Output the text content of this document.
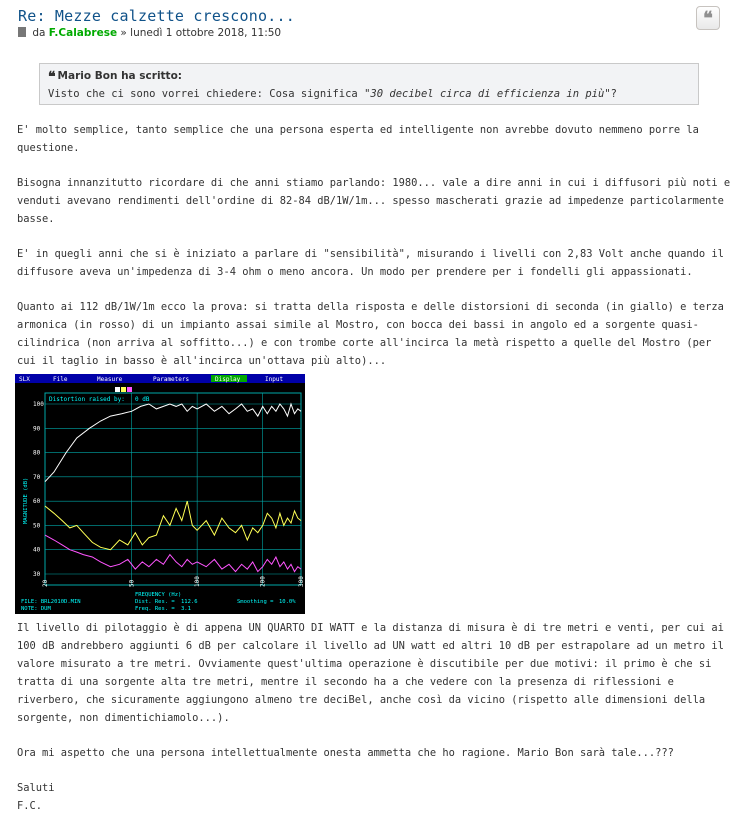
Re: Mezze calzette crescono...	❝
da F.Calabrese » lunedì 1 ottobre 2018, 11:50
❝ Mario Bon ha scritto:
Visto che ci sono vorrei chiedere: Cosa significa "30 decibel circa di efficienza in più"?

E' molto semplice, tanto semplice che una persona esperta ed intelligente non avrebbe dovuto nemmeno porre la questione.

Bisogna innanzitutto ricordare di che anni stiamo parlando: 1980... vale a dire anni in cui i diffusori più noti e venduti avevano rendimenti dell'ordine di 82-84 dB/1W/1m... spesso mascherati grazie ad impedenze particolarmente basse.

E' in quegli anni che si è iniziato a parlare di "sensibilità", misurando i livelli con 2,83 Volt anche quando il diffusore aveva un'impedenza di 3-4 ohm o meno ancora. Un modo per prendere per i fondelli gli appassionati.

Quanto ai 112 dB/1W/1m ecco la prova: si tratta della risposta e delle distorsioni di seconda (in giallo) e terza armonica (in rosso) di un impianto assai simile al Mostro, con bocca dei bassi in angolo ed a sorgente quasi-cilindrica (non arriva al soffitto...) e con trombe corte all'incirca la metà rispetto a quelle del Mostro (per cui il taglio in basso è all'incirca un'ottava più alto)...

SLX	File	Measure	Parameters	Display	Input
Distortion raised by: 0 dB
100
90
80
70
60
50
40
30
20	50	100	200	300
MAGNITUDE (dB)
FREQUENCY (Hz)
FILE: BRL2010D.MIN
NOTE: DUM
Dist. Res. = 112.6
Freq. Res. = 3.1
Smoothing = 10.0%

Il livello di pilotaggio è di appena UN QUARTO DI WATT e la distanza di misura è di tre metri e venti, per cui ai 100 dB andrebbero aggiunti 6 dB per calcolare il livello ad UN watt ed altri 10 dB per estrapolare ad un metro il valore misurato a tre metri. Ovviamente quest'ultima operazione è discutibile per due motivi: il primo è che si tratta di una sorgente alta tre metri, mentre il secondo ha a che vedere con la presenza di riflessioni e riverbero, che sicuramente aggiungono almeno tre deciBel, anche così da vicino (rispetto alle dimensioni della sorgente, non dimentichiamolo...).

Ora mi aspetto che una persona intellettualmente onesta ammetta che ho ragione. Mario Bon sarà tale...???

Saluti

F.C.
